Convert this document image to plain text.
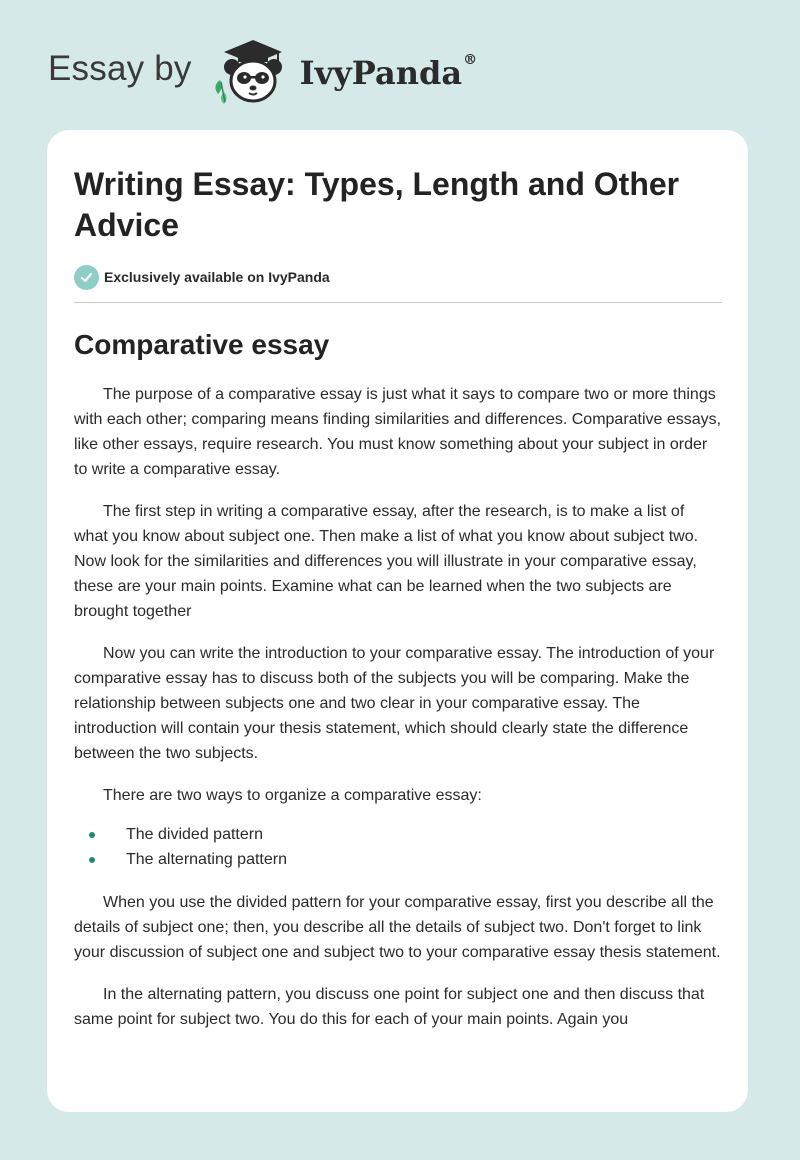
Essay by	IvyPanda®
Writing Essay: Types, Length and Other Advice
Exclusively available on IvyPanda
Comparative essay

The purpose of a comparative essay is just what it says to compare two or more things with each other; comparing means finding similarities and differences. Comparative essays, like other essays, require research. You must know something about your subject in order to write a comparative essay.

The first step in writing a comparative essay, after the research, is to make a list of what you know about subject one. Then make a list of what you know about subject two. Now look for the similarities and differences you will illustrate in your comparative essay, these are your main points. Examine what can be learned when the two subjects are brought together

Now you can write the introduction to your comparative essay. The introduction of your comparative essay has to discuss both of the subjects you will be comparing. Make the relationship between subjects one and two clear in your comparative essay. The introduction will contain your thesis statement, which should clearly state the difference between the two subjects.

There are two ways to organize a comparative essay:

The divided pattern
The alternating pattern

When you use the divided pattern for your comparative essay, first you describe all the details of subject one; then, you describe all the details of subject two. Don't forget to link your discussion of subject one and subject two to your comparative essay thesis statement.

In the alternating pattern, you discuss one point for subject one and then discuss that same point for subject two. You do this for each of your main points. Again you
